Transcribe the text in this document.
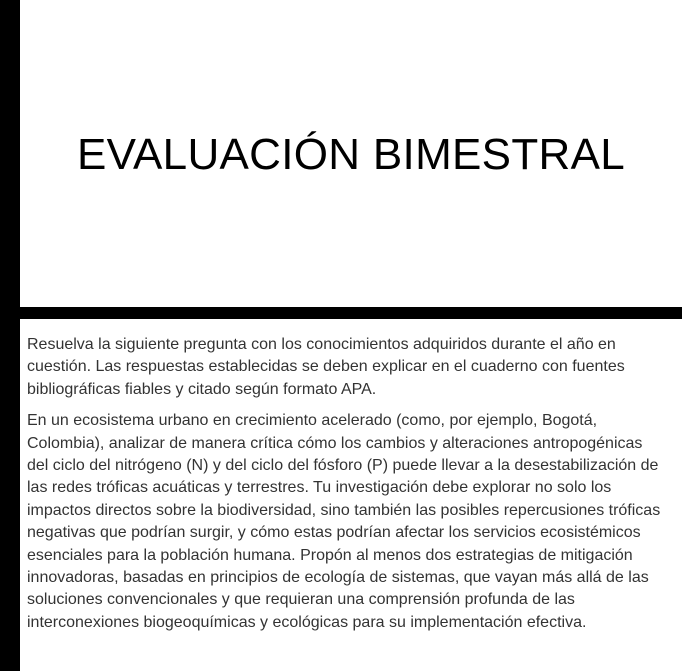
EVALUACIÓN BIMESTRAL

Resuelva la siguiente pregunta con los conocimientos adquiridos durante el año en cuestión. Las respuestas establecidas se deben explicar en el cuaderno con fuentes bibliográficas fiables y citado según formato APA.

En un ecosistema urbano en crecimiento acelerado (como, por ejemplo, Bogotá, Colombia), analizar de manera crítica cómo los cambios y alteraciones antropogénicas del ciclo del nitrógeno (N) y del ciclo del fósforo (P) puede llevar a la desestabilización de las redes tróficas acuáticas y terrestres. Tu investigación debe explorar no solo los impactos directos sobre la biodiversidad, sino también las posibles repercusiones tróficas negativas que podrían surgir, y cómo estas podrían afectar los servicios ecosistémicos esenciales para la población humana. Propón al menos dos estrategias de mitigación innovadoras, basadas en principios de ecología de sistemas, que vayan más allá de las soluciones convencionales y que requieran una comprensión profunda de las interconexiones biogeoquímicas y ecológicas para su implementación efectiva.
